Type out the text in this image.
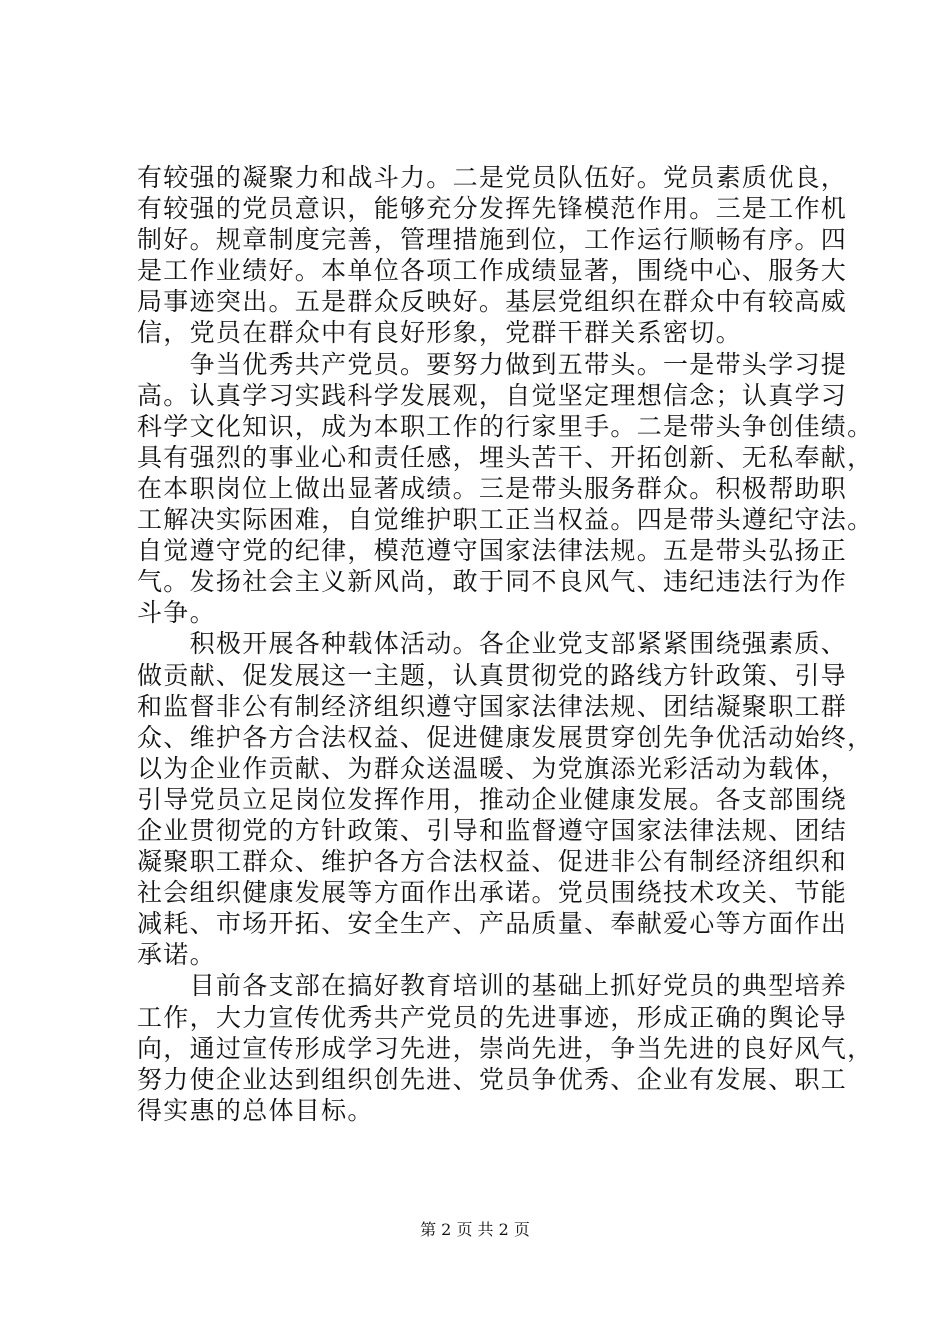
有较强的凝聚力和战斗力。二是党员队伍好。党员素质优良，
有较强的党员意识，能够充分发挥先锋模范作用。三是工作机
制好。规章制度完善，管理措施到位，工作运行顺畅有序。四
是工作业绩好。本单位各项工作成绩显著，围绕中心、服务大
局事迹突出。五是群众反映好。基层党组织在群众中有较高威
信，党员在群众中有良好形象，党群干群关系密切。
　　争当优秀共产党员。要努力做到五带头。一是带头学习提
高。认真学习实践科学发展观，自觉坚定理想信念；认真学习
科学文化知识，成为本职工作的行家里手。二是带头争创佳绩。
具有强烈的事业心和责任感，埋头苦干、开拓创新、无私奉献，
在本职岗位上做出显著成绩。三是带头服务群众。积极帮助职
工解决实际困难，自觉维护职工正当权益。四是带头遵纪守法。
自觉遵守党的纪律，模范遵守国家法律法规。五是带头弘扬正
气。发扬社会主义新风尚，敢于同不良风气、违纪违法行为作
斗争。
　　积极开展各种载体活动。各企业党支部紧紧围绕强素质、
做贡献、促发展这一主题，认真贯彻党的路线方针政策、引导
和监督非公有制经济组织遵守国家法律法规、团结凝聚职工群
众、维护各方合法权益、促进健康发展贯穿创先争优活动始终，
以为企业作贡献、为群众送温暖、为党旗添光彩活动为载体，
引导党员立足岗位发挥作用，推动企业健康发展。各支部围绕
企业贯彻党的方针政策、引导和监督遵守国家法律法规、团结
凝聚职工群众、维护各方合法权益、促进非公有制经济组织和
社会组织健康发展等方面作出承诺。党员围绕技术攻关、节能
减耗、市场开拓、安全生产、产品质量、奉献爱心等方面作出
承诺。
　　目前各支部在搞好教育培训的基础上抓好党员的典型培养
工作，大力宣传优秀共产党员的先进事迹，形成正确的舆论导
向，通过宣传形成学习先进，崇尚先进，争当先进的良好风气，
努力使企业达到组织创先进、党员争优秀、企业有发展、职工
得实惠的总体目标。
第 2 页 共 2 页
